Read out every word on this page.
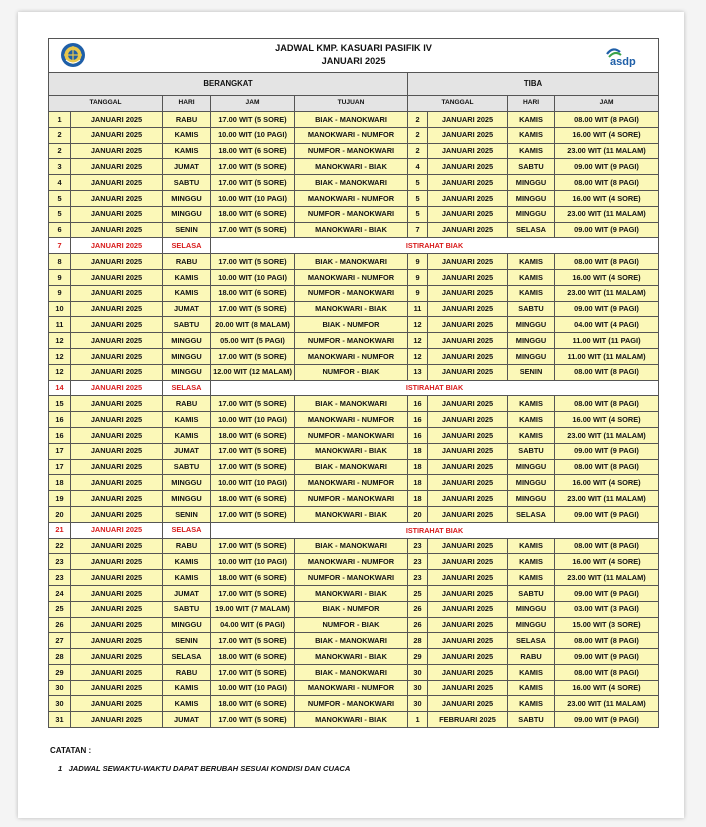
JADWAL KMP. KASUARI PASIFIK IV
JANUARI 2025 asdp								

BERANGKAT					TIBA			
TANGGAL		HARI	JAM	TUJUAN	TANGGAL		HARI	JAM
1	JANUARI 2025	RABU	17.00 WIT (5 SORE)	BIAK - MANOKWARI	2	JANUARI 2025	KAMIS	08.00 WIT (8 PAGI)
2	JANUARI 2025	KAMIS	10.00 WIT (10 PAGI)	MANOKWARI - NUMFOR	2	JANUARI 2025	KAMIS	16.00 WIT (4 SORE)
2	JANUARI 2025	KAMIS	18.00 WIT (6 SORE)	NUMFOR - MANOKWARI	2	JANUARI 2025	KAMIS	23.00 WIT (11 MALAM)
3	JANUARI 2025	JUMAT	17.00 WIT (5 SORE)	MANOKWARI - BIAK	4	JANUARI 2025	SABTU	09.00 WIT (9 PAGI)
4	JANUARI 2025	SABTU	17.00 WIT (5 SORE)	BIAK - MANOKWARI	5	JANUARI 2025	MINGGU	08.00 WIT (8 PAGI)
5	JANUARI 2025	MINGGU	10.00 WIT (10 PAGI)	MANOKWARI - NUMFOR	5	JANUARI 2025	MINGGU	16.00 WIT (4 SORE)
5	JANUARI 2025	MINGGU	18.00 WIT (6 SORE)	NUMFOR - MANOKWARI	5	JANUARI 2025	MINGGU	23.00 WIT (11 MALAM)
6	JANUARI 2025	SENIN	17.00 WIT (5 SORE)	MANOKWARI - BIAK	7	JANUARI 2025	SELASA	09.00 WIT (9 PAGI)
7	JANUARI 2025	SELASA	ISTIRAHAT BIAK					
8	JANUARI 2025	RABU	17.00 WIT (5 SORE)	BIAK - MANOKWARI	9	JANUARI 2025	KAMIS	08.00 WIT (8 PAGI)
9	JANUARI 2025	KAMIS	10.00 WIT (10 PAGI)	MANOKWARI - NUMFOR	9	JANUARI 2025	KAMIS	16.00 WIT (4 SORE)
9	JANUARI 2025	KAMIS	18.00 WIT (6 SORE)	NUMFOR - MANOKWARI	9	JANUARI 2025	KAMIS	23.00 WIT (11 MALAM)
10	JANUARI 2025	JUMAT	17.00 WIT (5 SORE)	MANOKWARI - BIAK	11	JANUARI 2025	SABTU	09.00 WIT (9 PAGI)
11	JANUARI 2025	SABTU	20.00 WIT (8 MALAM)	BIAK - NUMFOR	12	JANUARI 2025	MINGGU	04.00 WIT (4 PAGI)
12	JANUARI 2025	MINGGU	05.00 WIT (5 PAGI)	NUMFOR - MANOKWARI	12	JANUARI 2025	MINGGU	11.00 WIT (11 PAGI)
12	JANUARI 2025	MINGGU	17.00 WIT (5 SORE)	MANOKWARI - NUMFOR	12	JANUARI 2025	MINGGU	11.00 WIT (11 MALAM)
12	JANUARI 2025	MINGGU	12.00 WIT (12 MALAM)	NUMFOR - BIAK	13	JANUARI 2025	SENIN	08.00 WIT (8 PAGI)
14	JANUARI 2025	SELASA	ISTIRAHAT BIAK					
15	JANUARI 2025	RABU	17.00 WIT (5 SORE)	BIAK - MANOKWARI	16	JANUARI 2025	KAMIS	08.00 WIT (8 PAGI)
16	JANUARI 2025	KAMIS	10.00 WIT (10 PAGI)	MANOKWARI - NUMFOR	16	JANUARI 2025	KAMIS	16.00 WIT (4 SORE)
16	JANUARI 2025	KAMIS	18.00 WIT (6 SORE)	NUMFOR - MANOKWARI	16	JANUARI 2025	KAMIS	23.00 WIT (11 MALAM)
17	JANUARI 2025	JUMAT	17.00 WIT (5 SORE)	MANOKWARI - BIAK	18	JANUARI 2025	SABTU	09.00 WIT (9 PAGI)
17	JANUARI 2025	SABTU	17.00 WIT (5 SORE)	BIAK - MANOKWARI	18	JANUARI 2025	MINGGU	08.00 WIT (8 PAGI)
18	JANUARI 2025	MINGGU	10.00 WIT (10 PAGI)	MANOKWARI - NUMFOR	18	JANUARI 2025	MINGGU	16.00 WIT (4 SORE)
19	JANUARI 2025	MINGGU	18.00 WIT (6 SORE)	NUMFOR - MANOKWARI	18	JANUARI 2025	MINGGU	23.00 WIT (11 MALAM)
20	JANUARI 2025	SENIN	17.00 WIT (5 SORE)	MANOKWARI - BIAK	20	JANUARI 2025	SELASA	09.00 WIT (9 PAGI)
21	JANUARI 2025	SELASA	ISTIRAHAT BIAK					
22	JANUARI 2025	RABU	17.00 WIT (5 SORE)	BIAK - MANOKWARI	23	JANUARI 2025	KAMIS	08.00 WIT (8 PAGI)
23	JANUARI 2025	KAMIS	10.00 WIT (10 PAGI)	MANOKWARI - NUMFOR	23	JANUARI 2025	KAMIS	16.00 WIT (4 SORE)
23	JANUARI 2025	KAMIS	18.00 WIT (6 SORE)	NUMFOR - MANOKWARI	23	JANUARI 2025	KAMIS	23.00 WIT (11 MALAM)
24	JANUARI 2025	JUMAT	17.00 WIT (5 SORE)	MANOKWARI - BIAK	25	JANUARI 2025	SABTU	09.00 WIT (9 PAGI)
25	JANUARI 2025	SABTU	19.00 WIT (7 MALAM)	BIAK - NUMFOR	26	JANUARI 2025	MINGGU	03.00 WIT (3 PAGI)
26	JANUARI 2025	MINGGU	04.00 WIT (6 PAGI)	NUMFOR - BIAK	26	JANUARI 2025	MINGGU	15.00 WIT (3 SORE)
27	JANUARI 2025	SENIN	17.00 WIT (5 SORE)	BIAK - MANOKWARI	28	JANUARI 2025	SELASA	08.00 WIT (8 PAGI)
28	JANUARI 2025	SELASA	18.00 WIT (6 SORE)	MANOKWARI - BIAK	29	JANUARI 2025	RABU	09.00 WIT (9 PAGI)
29	JANUARI 2025	RABU	17.00 WIT (5 SORE)	BIAK - MANOKWARI	30	JANUARI 2025	KAMIS	08.00 WIT (8 PAGI)
30	JANUARI 2025	KAMIS	10.00 WIT (10 PAGI)	MANOKWARI - NUMFOR	30	JANUARI 2025	KAMIS	16.00 WIT (4 SORE)
30	JANUARI 2025	KAMIS	18.00 WIT (6 SORE)	NUMFOR - MANOKWARI	30	JANUARI 2025	KAMIS	23.00 WIT (11 MALAM)
31	JANUARI 2025	JUMAT	17.00 WIT (5 SORE)	MANOKWARI - BIAK	1	FEBRUARI 2025	SABTU	09.00 WIT (9 PAGI)
CATATAN :
1 JADWAL SEWAKTU-WAKTU DAPAT BERUBAH SESUAI KONDISI DAN CUACA
